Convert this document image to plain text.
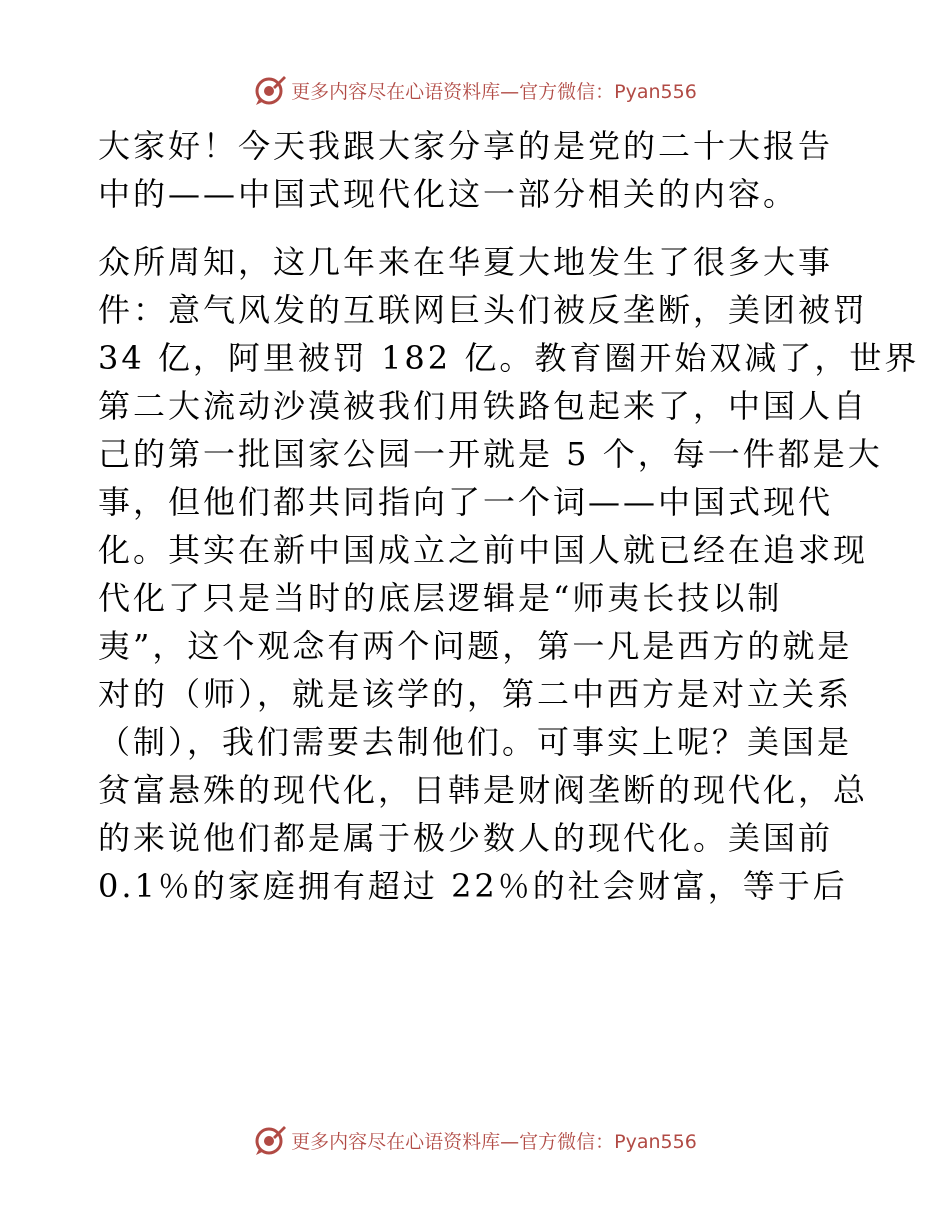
更多内容尽在心语资料库—官方微信：Pyan556

大家好！今天我跟大家分享的是党的二十大报告
中的——中国式现代化这一部分相关的内容。

众所周知，这几年来在华夏大地发生了很多大事
件：意气风发的互联网巨头们被反垄断，美团被罚
34 亿，阿里被罚 182 亿。教育圈开始双减了，世界
第二大流动沙漠被我们用铁路包起来了，中国人自
己的第一批国家公园一开就是 5 个，每一件都是大
事，但他们都共同指向了一个词——中国式现代
化。其实在新中国成立之前中国人就已经在追求现
代化了只是当时的底层逻辑是“师夷长技以制
夷”，这个观念有两个问题，第一凡是西方的就是
对的（师），就是该学的，第二中西方是对立关系
（制），我们需要去制他们。可事实上呢？美国是
贫富悬殊的现代化，日韩是财阀垄断的现代化，总
的来说他们都是属于极少数人的现代化。美国前
0.1％的家庭拥有超过 22％的社会财富，等于后

更多内容尽在心语资料库—官方微信：Pyan556
